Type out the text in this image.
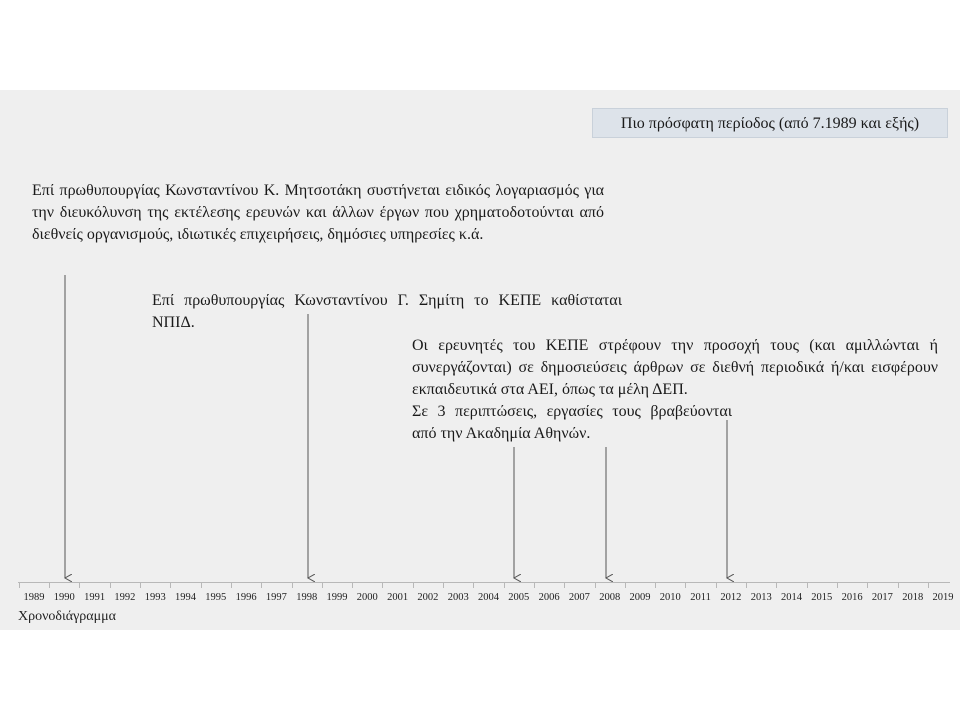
Πιο πρόσφατη περίοδος (από 7.1989 και εξής)
Επί πρωθυπουργίας Κωνσταντίνου Κ. Μητσοτάκη συστήνεται ειδικός λογαριασμός για την διευκόλυνση της εκτέλεσης ερευνών και άλλων έργων που χρηματοδοτούνται από διεθνείς οργανισμούς, ιδιωτικές επιχειρήσεις, δημόσιες υπηρεσίες κ.ά.
Επί πρωθυπουργίας Κωνσταντίνου Γ. Σημίτη το ΚΕΠΕ καθίσταται ΝΠΙΔ.

Οι ερευνητές του ΚΕΠΕ στρέφουν την προσοχή τους (και αμιλλώνται ή συνεργάζονται) σε δημοσιεύσεις άρθρων σε διεθνή περιοδικά ή/και εισφέρουν εκπαιδευτικά στα ΑΕΙ, όπως τα μέλη ΔΕΠ.

Σε 3 περιπτώσεις, εργασίες τους βραβεύονται από την Ακαδημία Αθηνών.

1989 1990 1991 1992 1993 1994 1995 1996 1997 1998 1999 2000 2001 2002 2003 2004 2005 2006 2007 2008 2009 2010 2011 2012 2013 2014 2015 2016 2017 2018 2019
Χρονοδιάγραμμα
